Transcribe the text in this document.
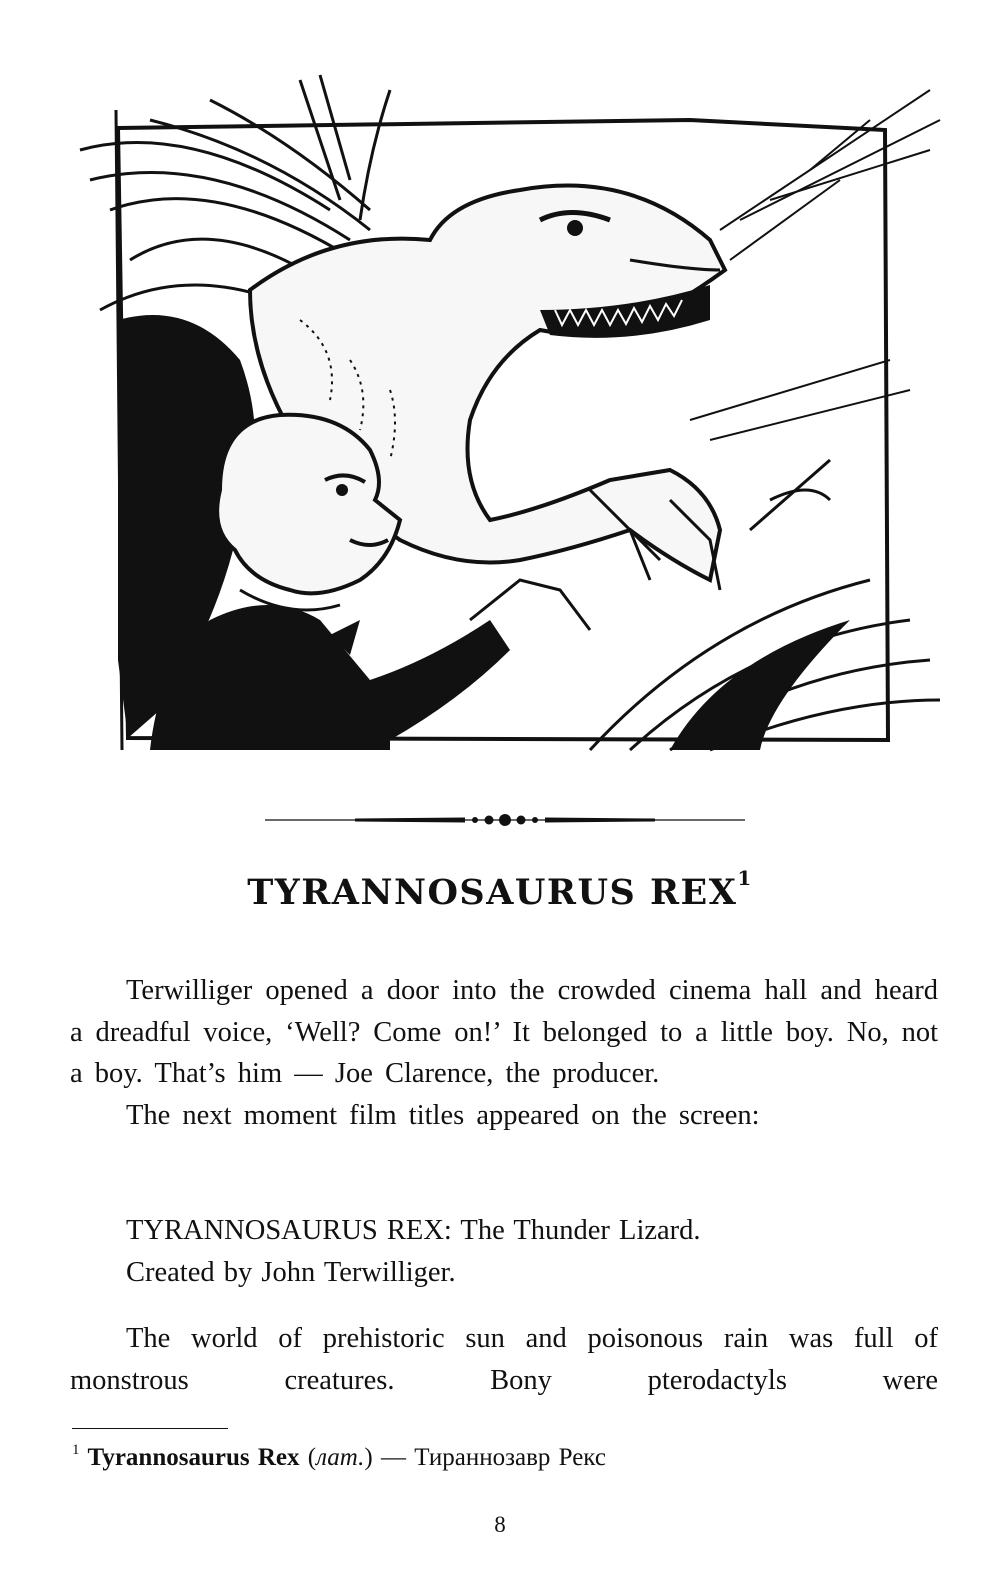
TYRANNOSAURUS REX$^1$

Terwilliger opened a door into the crowded cinema hall and heard a dreadful voice, ‘Well? Come on!’ It belonged to a little boy. No, not a boy. That’s him — Joe Clarence, the producer.

The next moment film titles appeared on the screen:

TYRANNOSAURUS REX: The Thunder Lizard.

Created by John Terwilliger.

The world of prehistoric sun and poisonous rain was full of monstrous creatures. Bony pterodactyls were

$^1$ Tyrannosaurus Rex (лат.) — Тираннозавр Рекс
8
